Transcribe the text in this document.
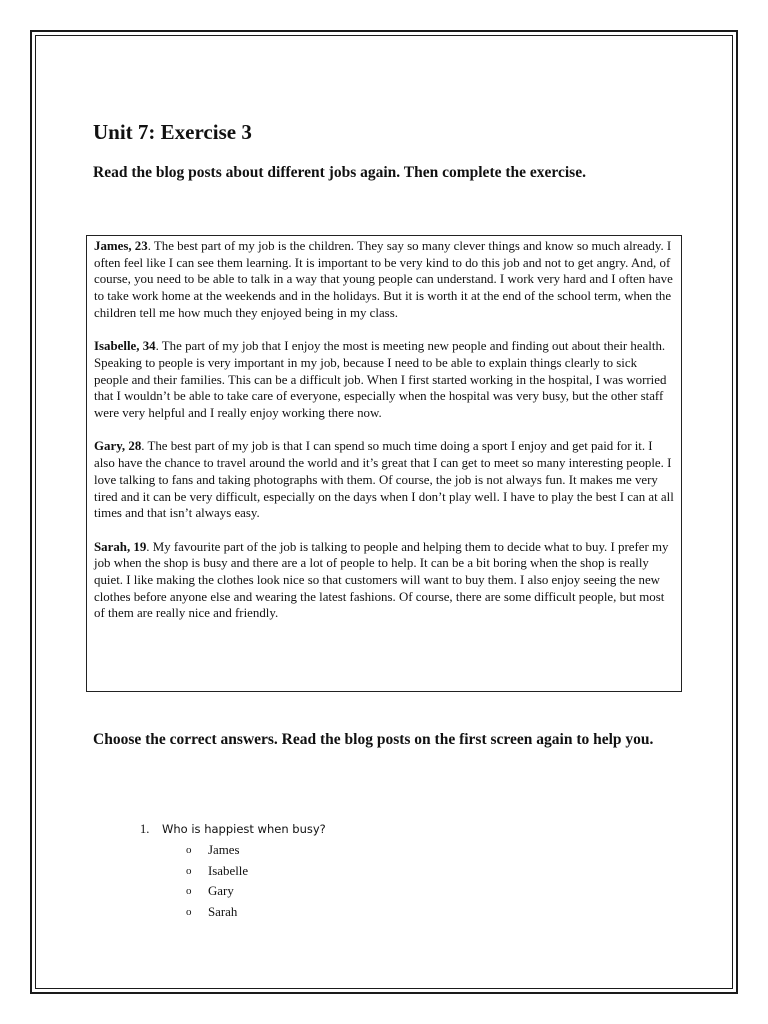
Unit 7: Exercise 3

Read the blog posts about different jobs again. Then complete the exercise.

James, 23. The best part of my job is the children. They say so many clever things and know so much already. I often feel like I can see them learning. It is important to be very kind to do this job and not to get angry. And, of course, you need to be able to talk in a way that young people can understand. I work very hard and I often have to take work home at the weekends and in the holidays. But it is worth it at the end of the school term, when the children tell me how much they enjoyed being in my class.

Isabelle, 34. The part of my job that I enjoy the most is meeting new people and finding out about their health. Speaking to people is very important in my job, because I need to be able to explain things clearly to sick people and their families. This can be a difficult job. When I first started working in the hospital, I was worried that I wouldn’t be able to take care of everyone, especially when the hospital was very busy, but the other staff were very helpful and I really enjoy working there now.

Gary, 28. The best part of my job is that I can spend so much time doing a sport I enjoy and get paid for it. I also have the chance to travel around the world and it’s great that I can get to meet so many interesting people. I love talking to fans and taking photographs with them. Of course, the job is not always fun. It makes me very tired and it can be very difficult, especially on the days when I don’t play well. I have to play the best I can at all times and that isn’t always easy.

Sarah, 19. My favourite part of the job is talking to people and helping them to decide what to buy. I prefer my job when the shop is busy and there are a lot of people to help. It can be a bit boring when the shop is really quiet. I like making the clothes look nice so that customers will want to buy them. I also enjoy seeing the new clothes before anyone else and wearing the latest fashions. Of course, there are some difficult people, but most of them are really nice and friendly.

Choose the correct answers. Read the blog posts on the first screen again to help you.

1. Who is happiest when busy?

o	James
o	Isabelle
o	Gary
o	Sarah
